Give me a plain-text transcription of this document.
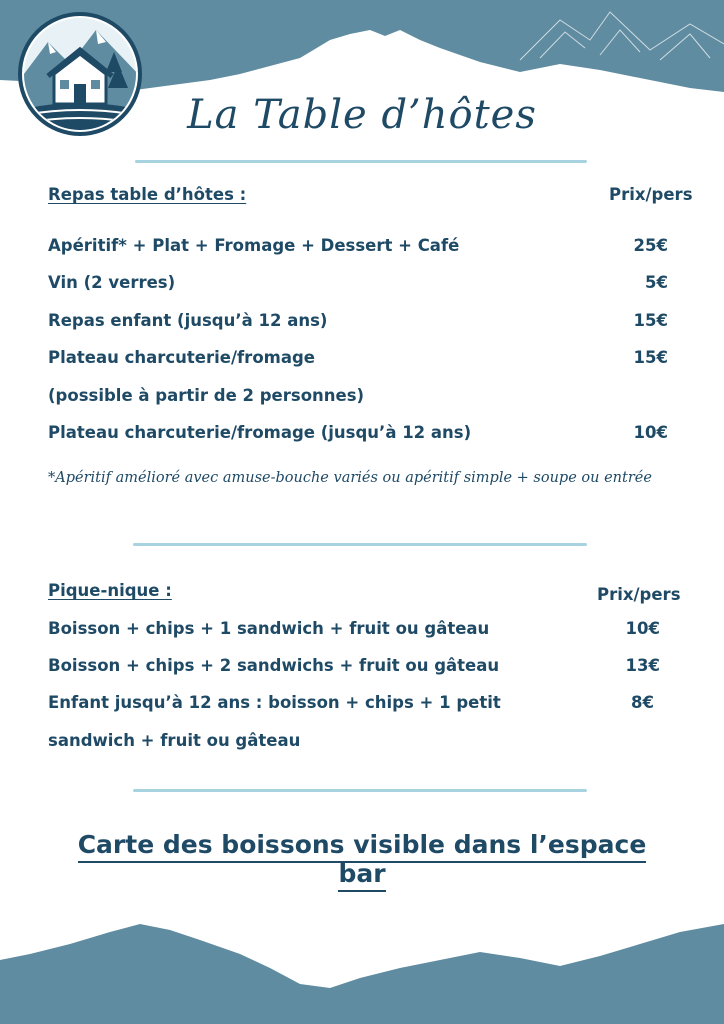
La Table d’hôtes
Repas table d’hôtes :	Prix/pers
Apéritif* + Plat + Fromage + Dessert + Café	25€
Vin (2 verres)	5€
Repas enfant (jusqu’à 12 ans)	15€
Plateau charcuterie/fromage	15€
(possible à partir de 2 personnes)
Plateau charcuterie/fromage (jusqu’à 12 ans)	10€
*Apéritif amélioré avec amuse-bouche variés ou apéritif simple + soupe ou entrée
Pique-nique :	Prix/pers
Boisson + chips + 1 sandwich + fruit ou gâteau	10€
Boisson + chips + 2 sandwichs + fruit ou gâteau	13€
Enfant jusqu’à 12 ans : boisson + chips + 1 petit	8€
sandwich + fruit ou gâteau
Carte des boissons visible dans l’espace bar
